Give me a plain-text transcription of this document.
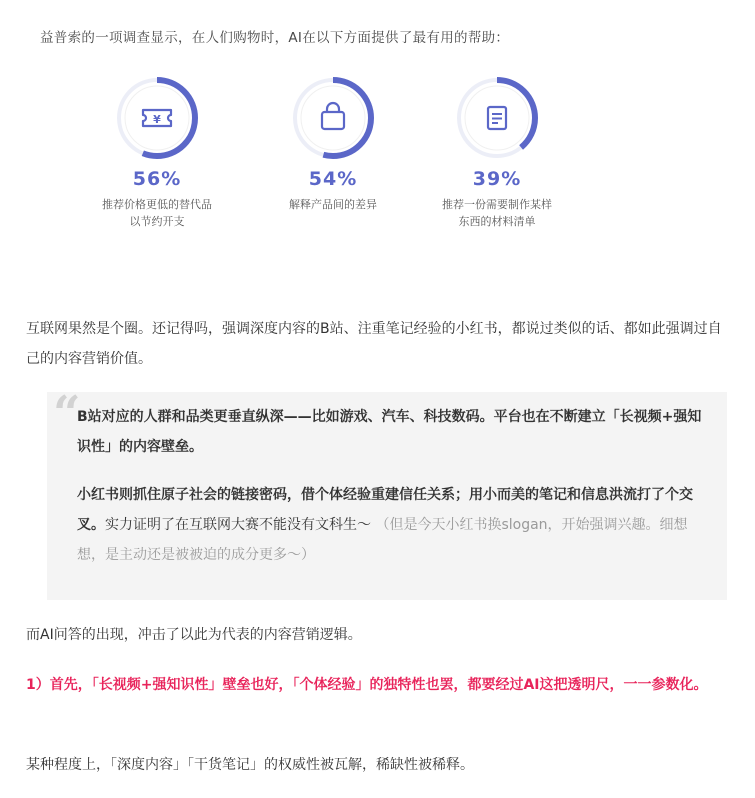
益普索的一项调查显示，在人们购物时，AI在以下方面提供了最有用的帮助：
¥
56%
推荐价格更低的替代品
以节约开支
54%
解释产品间的差异
39%
推荐一份需要制作某样
东西的材料清单

互联网果然是个圈。还记得吗，强调深度内容的B站、注重笔记经验的小红书，都说过类似的话、都如此强调过自己的内容营销价值。

“

B站对应的人群和品类更垂直纵深——比如游戏、汽车、科技数码。平台也在不断建立「长视频+强知识性」的内容壁垒。

小红书则抓住原子社会的链接密码，借个体经验重建信任关系；用小而美的笔记和信息洪流打了个交叉。实力证明了在互联网大赛不能没有文科生～ （但是今天小红书换slogan，开始强调兴趣。细想想，是主动还是被被迫的成分更多～）

而AI问答的出现，冲击了以此为代表的内容营销逻辑。

1）首先，「长视频+强知识性」壁垒也好，「个体经验」的独特性也罢，都要经过AI这把透明尺，一一参数化。

某种程度上，「深度内容」「干货笔记」的权威性被瓦解，稀缺性被稀释。
